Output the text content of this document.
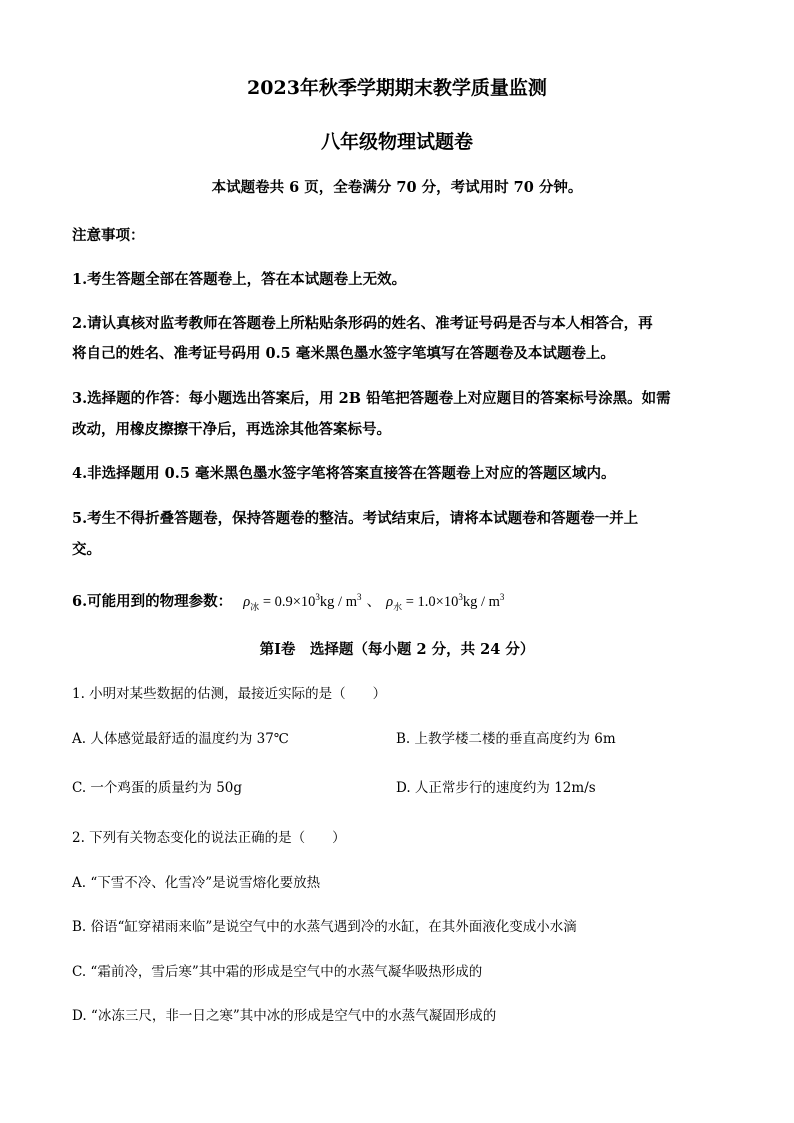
2023年秋季学期期末教学质量监测
八年级物理试题卷
本试题卷共 6 页，全卷满分 70 分，考试用时 70 分钟。
注意事项：
1.考生答题全部在答题卷上，答在本试题卷上无效。
2.请认真核对监考教师在答题卷上所粘贴条形码的姓名、准考证号码是否与本人相答合，再
将自己的姓名、准考证号码用 0.5 毫米黑色墨水签字笔填写在答题卷及本试题卷上。
3.选择题的作答：每小题选出答案后，用 2B 铅笔把答题卷上对应题目的答案标号涂黑。如需
改动，用橡皮擦擦干净后，再选涂其他答案标号。
4.非选择题用 0.5 毫米黑色墨水签字笔将答案直接答在答题卷上对应的答题区域内。
5.考生不得折叠答题卷，保持答题卷的整洁。考试结束后，请将本试题卷和答题卷一并上
交。
6.可能用到的物理参数： $\rho_冰 = 0.9\times 10^3kg / m^3$ 、 $\rho_水 = 1.0\times 10^3kg / m^3$
第Ⅰ卷　选择题（每小题 2 分，共 24 分）
1. 小明对某些数据的估测，最接近实际的是（　　）
A. 人体感觉最舒适的温度约为 37℃	B. 上教学楼二楼的垂直高度约为 6m
C. 一个鸡蛋的质量约为 50g	D. 人正常步行的速度约为 12m/s
2. 下列有关物态变化的说法正确的是（　　）
A. “下雪不冷、化雪冷”是说雪熔化要放热
B. 俗语“缸穿裙雨来临”是说空气中的水蒸气遇到冷的水缸，在其外面液化变成小水滴
C. “霜前冷，雪后寒”其中霜的形成是空气中的水蒸气凝华吸热形成的
D. “冰冻三尺，非一日之寒”其中冰的形成是空气中的水蒸气凝固形成的
